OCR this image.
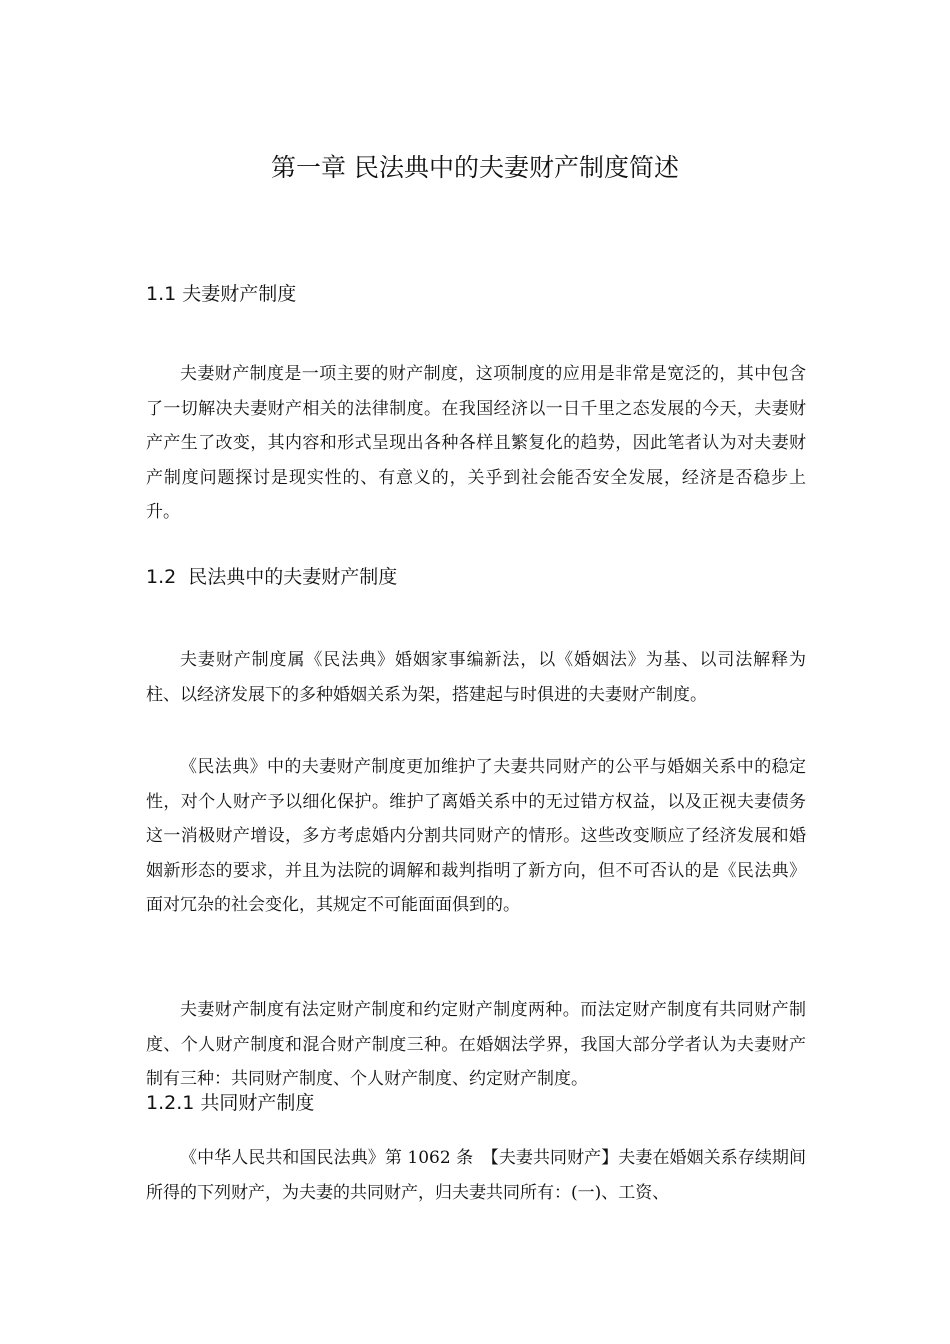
第一章 民法典中的夫妻财产制度简述
1.1 夫妻财产制度

夫妻财产制度是一项主要的财产制度，这项制度的应用是非常是宽泛的，其中包含了一切解决夫妻财产相关的法律制度。在我国经济以一日千里之态发展的今天，夫妻财产产生了改变，其内容和形式呈现出各种各样且繁复化的趋势，因此笔者认为对夫妻财产制度问题探讨是现实性的、有意义的，关乎到社会能否安全发展，经济是否稳步上升。

1.2  民法典中的夫妻财产制度

夫妻财产制度属《民法典》婚姻家事编新法，以《婚姻法》为基、以司法解释为柱、以经济发展下的多种婚姻关系为架，搭建起与时俱进的夫妻财产制度。

《民法典》中的夫妻财产制度更加维护了夫妻共同财产的公平与婚姻关系中的稳定性，对个人财产予以细化保护。维护了离婚关系中的无过错方权益，以及正视夫妻债务这一消极财产增设，多方考虑婚内分割共同财产的情形。这些改变顺应了经济发展和婚姻新形态的要求，并且为法院的调解和裁判指明了新方向，但不可否认的是《民法典》面对冗杂的社会变化，其规定不可能面面俱到的。

夫妻财产制度有法定财产制度和约定财产制度两种。而法定财产制度有共同财产制度、个人财产制度和混合财产制度三种。在婚姻法学界，我国大部分学者认为夫妻财产制有三种：共同财产制度、个人财产制度、约定财产制度。

1.2.1 共同财产制度

《中华人民共和国民法典》第 1062 条　【夫妻共同财产】夫妻在婚姻关系存续期间所得的下列财产，为夫妻的共同财产，归夫妻共同所有：(一)、工资、
